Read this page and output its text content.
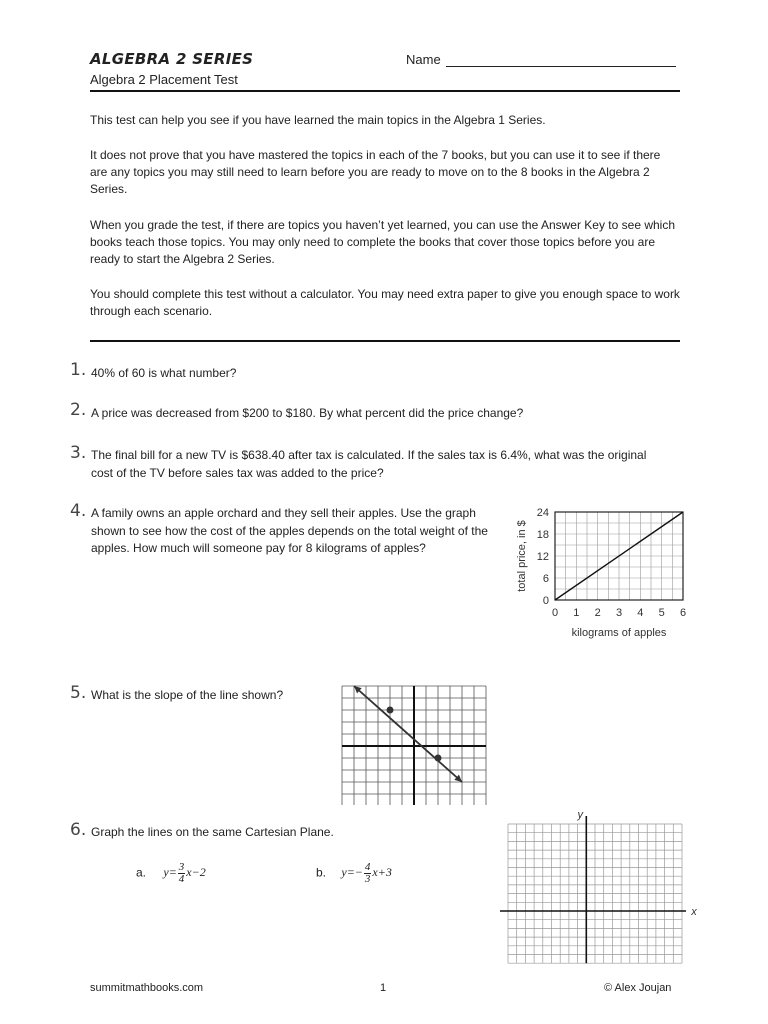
ALGEBRA 2 SERIES
Algebra 2 Placement Test
Name

This test can help you see if you have learned the main topics in the Algebra 1 Series.

It does not prove that you have mastered the topics in each of the 7 books, but you can use it to see if there are any topics you may still need to learn before you are ready to move on to the 8 books in the Algebra 2 Series.

When you grade the test, if there are topics you haven’t yet learned, you can use the Answer Key to see which books teach those topics. You may only need to complete the books that cover those topics before you are ready to start the Algebra 2 Series.

You should complete this test without a calculator. You may need extra paper to give you enough space to work through each scenario.

1. 40% of 60 is what number?
2. A price was decreased from $200 to $180. By what percent did the price change?
3. The final bill for a new TV is $638.40 after tax is calculated. If the sales tax is 6.4%, what was the original cost of the TV before sales tax was added to the price?
4. A family owns an apple orchard and they sell their apples. Use the graph shown to see how the cost of the apples depends on the total weight of the apples. How much will someone pay for 8 kilograms of apples?
0 1 2 3 4 5 6
0
6
12
18
24
kilograms of apples
total price, in $
5. What is the slope of the line shown?
6. Graph the lines on the same Cartesian Plane.
a. $y= \frac{3}{4} x-2$	b. $y=- \frac{4}{3} x+3$
y
x
summitmathbooks.com	1	© Alex Joujan
